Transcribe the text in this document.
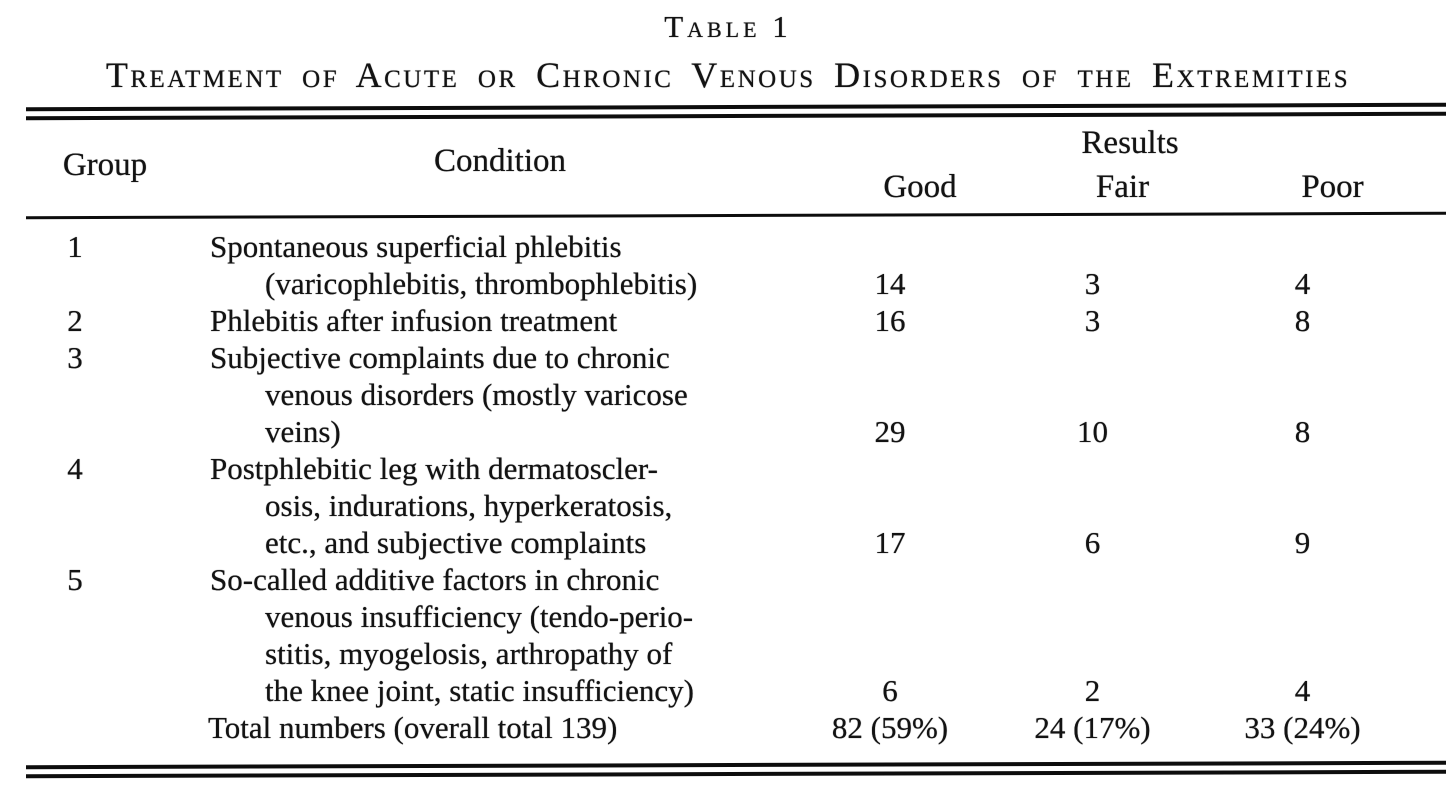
Table 1
Treatment of Acute or Chronic Venous Disorders of the Extremities
Group	Condition	Results
Good	Fair	Poor
1	Spontaneous superficial phlebitis
(varicophlebitis, thrombophlebitis)	14	3	4
2	Phlebitis after infusion treatment	16	3	8
3	Subjective complaints due to chronic
venous disorders (mostly varicose
veins)	29	10	8
4	Postphlebitic leg with dermatoscler-
osis, indurations, hyperkeratosis,
etc., and subjective complaints	17	6	9
5	So-called additive factors in chronic
venous insufficiency (tendo-perio-
stitis, myogelosis, arthropathy of
the knee joint, static insufficiency)	6	2	4
Total numbers (overall total 139)	82 (59%)	24 (17%)	33 (24%)
